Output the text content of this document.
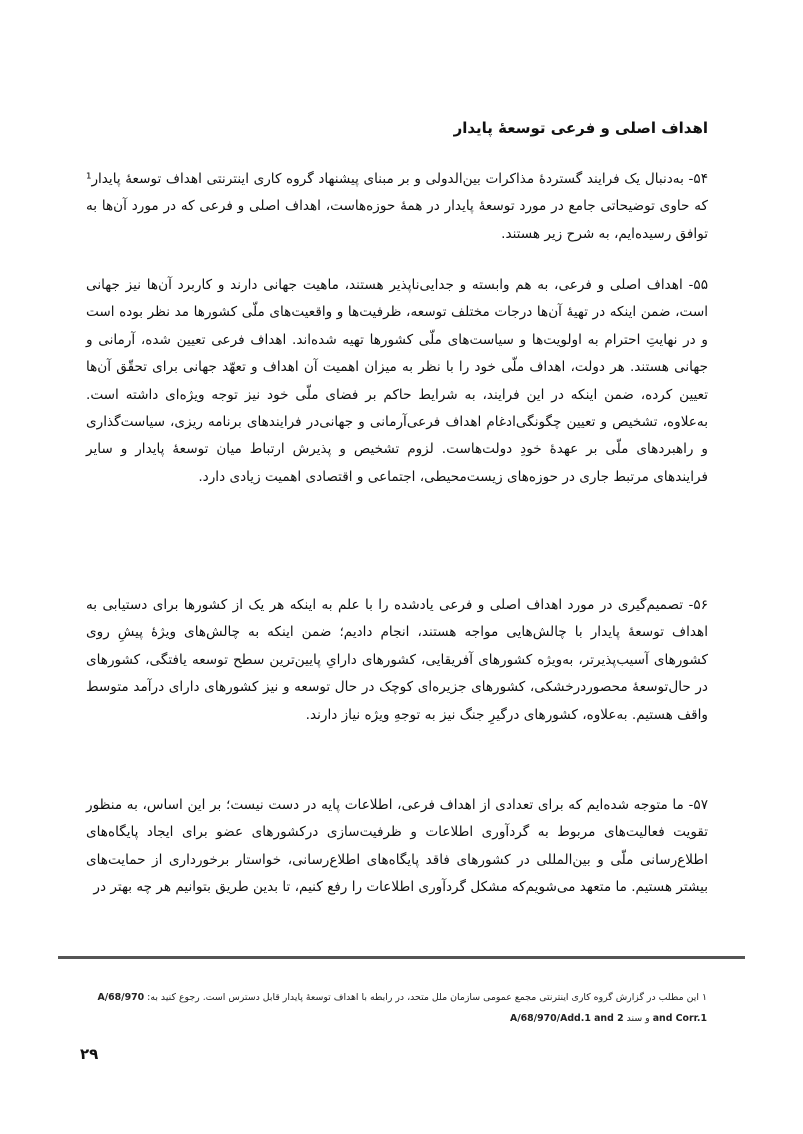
اهداف اصلی و فرعی توسعهٔ پایدار

۵۴- به‌دنبال یک فرایند گستردهٔ مذاکرات بین‌الدولی و بر مبنای پیشنهاد گروه کاری اینترنتی اهداف توسعهٔ پایدار¹ که حاوی توضیحاتی جامع در مورد توسعهٔ پایدار در همهٔ حوزه‌هاست، اهداف اصلی و فرعی که در مورد آن‌ها به توافق رسیده‌ایم، به شرح زیر هستند.

۵۵- اهداف اصلی و فرعی، به هم وابسته و جدایی‌ناپذیر هستند، ماهیت جهانی دارند و کاربرد آن‌ها نیز جهانی است، ضمن اینکه در تهیهٔ آن‌ها درجات مختلف توسعه، ظرفیت‌ها و واقعیت‌های ملّی کشورها مد نظر بوده است و در نهایتِ احترام به اولویت‌ها و سیاست‌های ملّی کشورها تهیه شده‌اند. اهداف فرعی تعیین شده، آرمانی و جهانی هستند. هر دولت، اهداف ملّی خود را با نظر به میزان اهمیت آن اهداف و تعهّد جهانی برای تحقّق آن‌ها تعیین کرده، ضمن اینکه در این فرایند، به شرایط حاکم بر فضای ملّی خود نیز توجه ویژه‌ای داشته است. به‌علاوه، تشخیص و تعیین چگونگی‌ادغام اهداف فرعی‌آرمانی و جهانی‌در فرایندهای برنامه ریزی، سیاست‌گذاری و راهبردهای ملّی بر عهدهٔ خودِ دولت‌هاست. لزوم تشخیص و پذیرش ارتباط میان توسعهٔ پایدار و سایر فرایندهای مرتبط جاری در حوزه‌های زیست‌محیطی، اجتماعی و اقتصادی اهمیت زیادی دارد.

۵۶- تصمیم‌گیری در مورد اهداف اصلی و فرعی یادشده را با علم به اینکه هر یک از کشورها برای دستیابی به اهداف توسعهٔ پایدار با چالش‌هایی مواجه هستند، انجام دادیم؛ ضمن اینکه به چالش‌های ویژهٔ پیشِ روی کشورهای آسیب‌پذیرتر، به‌ویژه کشورهای آفریقایی، کشورهای دارایِ پایین‌ترین سطح توسعه یافتگی، کشورهای در حال‌توسعهٔ محصوردرخشکی، کشورهای جزیره‌ای کوچک در حال توسعه و نیز کشورهای دارای درآمد متوسط واقف هستیم. به‌علاوه، کشورهای درگیرِ جنگ نیز به توجهِ ویژه نیاز دارند.

۵۷- ما متوجه شده‌ایم که برای تعدادی از اهداف فرعی، اطلاعات پایه در دست نیست؛ بر این اساس، به منظور تقویت فعالیت‌های مربوط به گردآوری اطلاعات و ظرفیت‌سازی درکشورهای عضو برای ایجاد پایگاه‌های اطلاع‌رسانی ملّی و بین‌المللی در کشورهای فاقد پایگاه‌های اطلاع‌رسانی، خواستار برخورداری از حمایت‌های بیشتر هستیم. ما متعهد می‌شویم‌که مشکل گردآوری اطلاعات را رفع کنیم، تا بدین طریق بتوانیم هر چه بهتر در

۱ این مطلب در گزارش گروه کاری اینترنتی مجمع عمومی سازمان ملل متحد، در رابطه با اهداف توسعهٔ پایدار قابل دسترس است. رجوع کنید به: A/68/970 and Corr.1 و سند A/68/970/Add.1 and 2
۲۹
